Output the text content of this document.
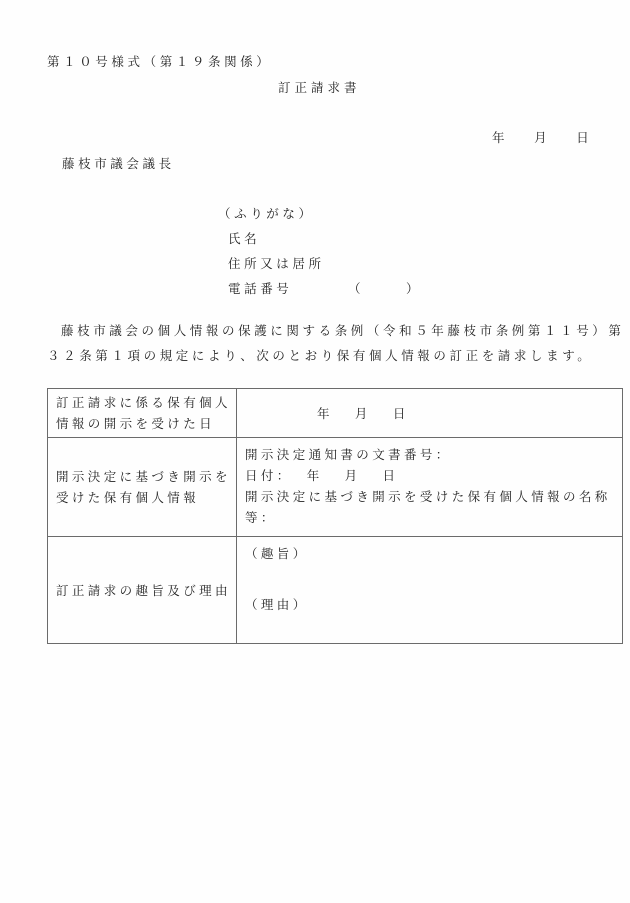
第１０号様式（第１９条関係）
訂正請求書
年 月 日
藤枝市議会議長
（ふりがな）
氏名
住所又は居所
電話番号	（	）
藤枝市議会の個人情報の保護に関する条例（令和５年藤枝市条例第１１号）第
３２条第１項の規定により、次のとおり保有個人情報の訂正を請求します。
訂正請求に係る保有個人
情報の開示を受けた日	年 月 日

開示決定に基づき開示を
受けた保有個人情報	開示決定通知書の文書番号：
日付： 年 月 日
開示決定に基づき開示を受けた保有個人情報の名称等：

訂正請求の趣旨及び理由	（趣旨）
（理由）
